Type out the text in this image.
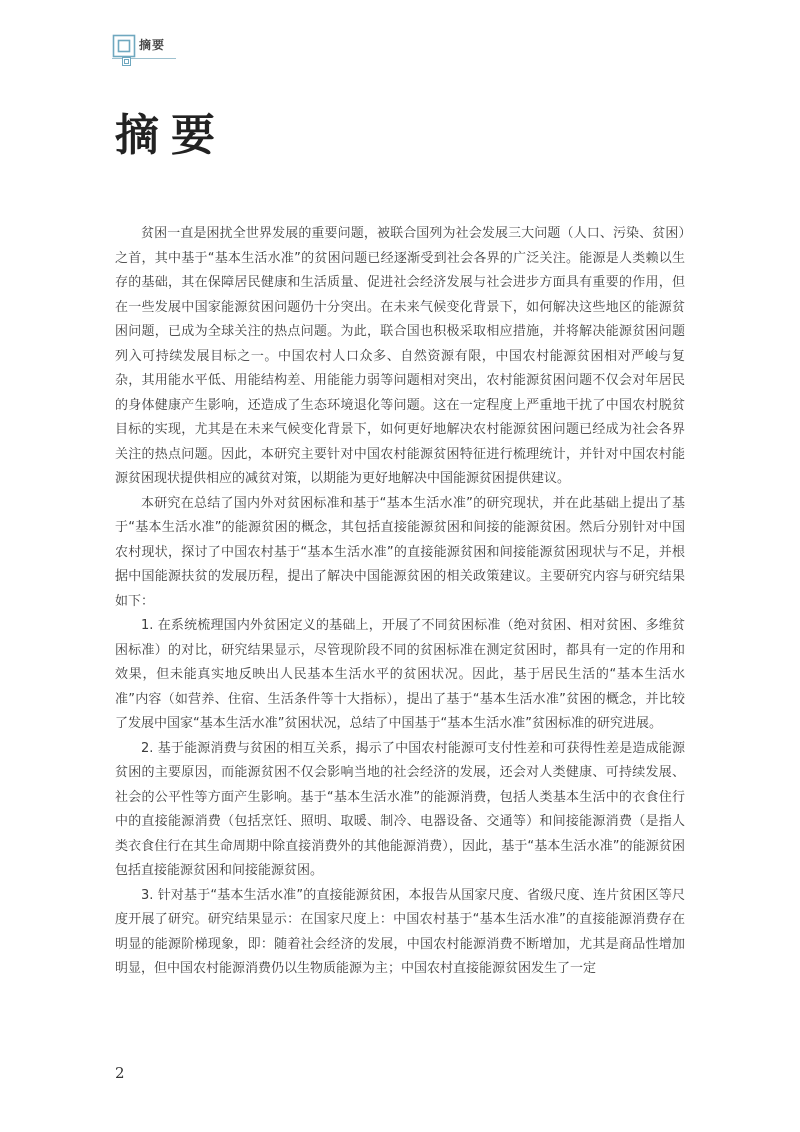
摘要
摘要

贫困一直是困扰全世界发展的重要问题，被联合国列为社会发展三大问题（人口、污染、贫困）之首，其中基于“基本生活水准”的贫困问题已经逐渐受到社会各界的广泛关注。能源是人类赖以生存的基础，其在保障居民健康和生活质量、促进社会经济发展与社会进步方面具有重要的作用，但在一些发展中国家能源贫困问题仍十分突出。在未来气候变化背景下，如何解决这些地区的能源贫困问题，已成为全球关注的热点问题。为此，联合国也积极采取相应措施，并将解决能源贫困问题列入可持续发展目标之一。中国农村人口众多、自然资源有限，中国农村能源贫困相对严峻与复杂，其用能水平低、用能结构差、用能能力弱等问题相对突出，农村能源贫困问题不仅会对年居民的身体健康产生影响，还造成了生态环境退化等问题。这在一定程度上严重地干扰了中国农村脱贫目标的实现，尤其是在未来气候变化背景下，如何更好地解决农村能源贫困问题已经成为社会各界关注的热点问题。因此，本研究主要针对中国农村能源贫困特征进行梳理统计，并针对中国农村能源贫困现状提供相应的减贫对策，以期能为更好地解决中国能源贫困提供建议。

本研究在总结了国内外对贫困标准和基于“基本生活水准”的研究现状，并在此基础上提出了基于“基本生活水准”的能源贫困的概念，其包括直接能源贫困和间接的能源贫困。然后分别针对中国农村现状，探讨了中国农村基于“基本生活水准”的直接能源贫困和间接能源贫困现状与不足，并根据中国能源扶贫的发展历程，提出了解决中国能源贫困的相关政策建议。主要研究内容与研究结果如下：

1. 在系统梳理国内外贫困定义的基础上，开展了不同贫困标准（绝对贫困、相对贫困、多维贫困标准）的对比，研究结果显示，尽管现阶段不同的贫困标准在测定贫困时，都具有一定的作用和效果，但未能真实地反映出人民基本生活水平的贫困状况。因此，基于居民生活的“基本生活水准”内容（如营养、住宿、生活条件等十大指标），提出了基于“基本生活水准”贫困的概念，并比较了发展中国家“基本生活水准”贫困状况，总结了中国基于“基本生活水准”贫困标准的研究进展。

2. 基于能源消费与贫困的相互关系，揭示了中国农村能源可支付性差和可获得性差是造成能源贫困的主要原因，而能源贫困不仅会影响当地的社会经济的发展，还会对人类健康、可持续发展、社会的公平性等方面产生影响。基于“基本生活水准”的能源消费，包括人类基本生活中的衣食住行中的直接能源消费（包括烹饪、照明、取暖、制冷、电器设备、交通等）和间接能源消费（是指人类衣食住行在其生命周期中除直接消费外的其他能源消费），因此，基于“基本生活水准”的能源贫困包括直接能源贫困和间接能源贫困。

3. 针对基于“基本生活水准”的直接能源贫困，本报告从国家尺度、省级尺度、连片贫困区等尺度开展了研究。研究结果显示：在国家尺度上：中国农村基于“基本生活水准”的直接能源消费存在明显的能源阶梯现象，即：随着社会经济的发展，中国农村能源消费不断增加，尤其是商品性增加明显，但中国农村能源消费仍以生物质能源为主；中国农村直接能源贫困发生了一定

2
